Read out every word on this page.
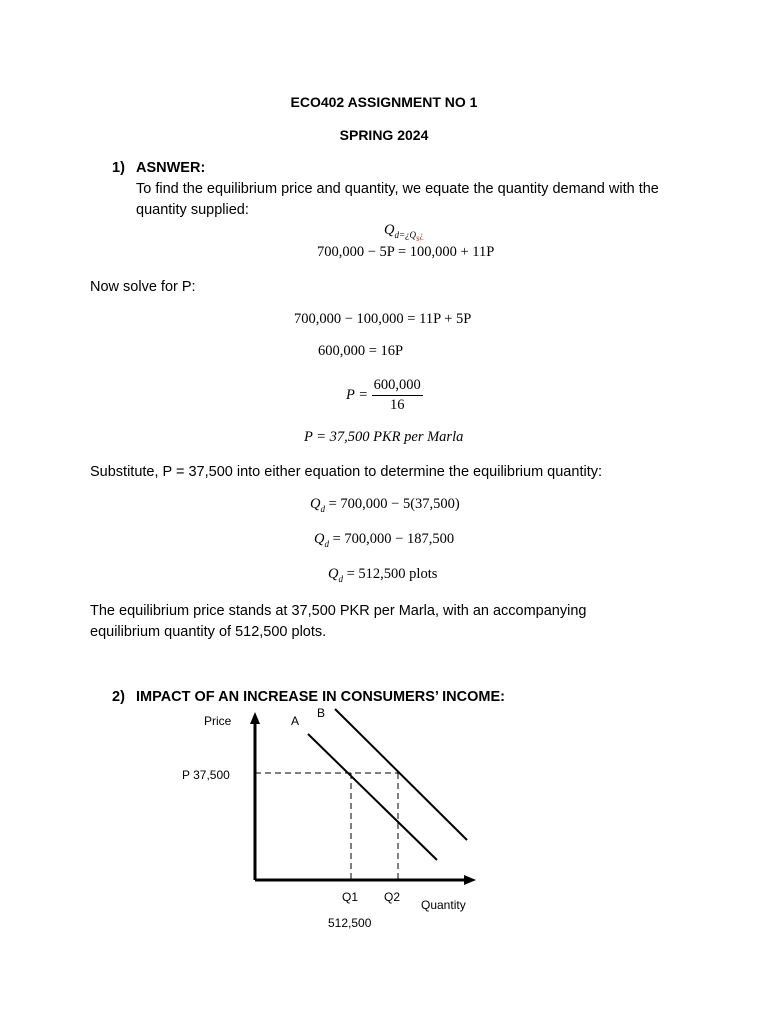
ECO402 ASSIGNMENT NO 1
SPRING 2024
1) ASNWER:
To find the equilibrium price and quantity, we equate the quantity demand with the quantity supplied:
$Q_{d=¿Q_s¿}$
700,000 − 5P = 100,000 + 11P
Now solve for P:
700,000 − 100,000 = 11P + 5P
600,000 = 16P
$P = \frac{600,000}{16}$
P = 37,500 PKR per Marla
Substitute, P = 37,500 into either equation to determine the equilibrium quantity:
$Q_d = 700,000 - 5(37,500)$
$Q_d = 700,000 - 187,500$
$Q_d = 512,500$ plots
The equilibrium price stands at 37,500 PKR per Marla, with an accompanying equilibrium quantity of 512,500 plots.
2) IMPACT OF AN INCREASE IN CONSUMERS’ INCOME:
Price	A
B
P 37,500
Q1 Q2
Quantity
512,500
